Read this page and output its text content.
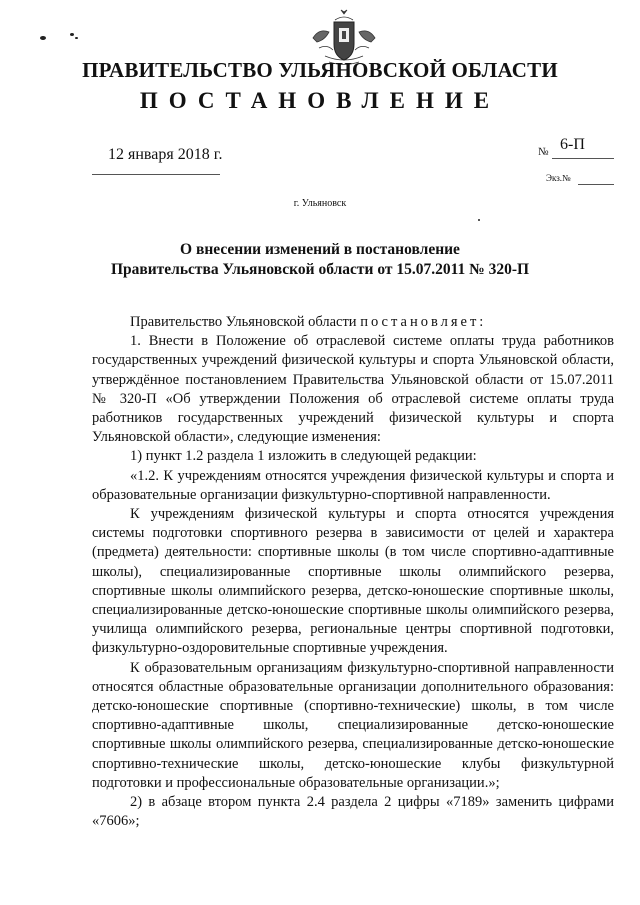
ПРАВИТЕЛЬСТВО УЛЬЯНОВСКОЙ ОБЛАСТИ
ПОСТАНОВЛЕНИЕ
12 января 2018 г.	№ 6-П
Экз.№
г. Ульяновск
О внесении изменений в постановление
Правительства Ульяновской области от 15.07.2011 № 320-П

Правительство Ульяновской области постановляет:

1. Внести в Положение об отраслевой системе оплаты труда работников государственных учреждений физической культуры и спорта Ульяновской области, утверждённое постановлением Правительства Ульяновской области от 15.07.2011 № 320-П «Об утверждении Положения об отраслевой системе оплаты труда работников государственных учреждений физической культуры и спорта Ульяновской области», следующие изменения:

1) пункт 1.2 раздела 1 изложить в следующей редакции:

«1.2. К учреждениям относятся учреждения физической культуры и спорта и образовательные организации физкультурно-спортивной направленности.

К учреждениям физической культуры и спорта относятся учреждения системы подготовки спортивного резерва в зависимости от целей и характера (предмета) деятельности: спортивные школы (в том числе спортивно-адаптивные школы), специализированные спортивные школы олимпийского резерва, спортивные школы олимпийского резерва, детско-юношеские спортивные школы, специализированные детско-юношеские спортивные школы олимпийского резерва, училища олимпийского резерва, региональные центры спортивной подготовки, физкультурно-оздоровительные спортивные учреждения.

К образовательным организациям физкультурно-спортивной направленности относятся областные образовательные организации дополнительного образования: детско-юношеские спортивные (спортивно-технические) школы, в том числе спортивно-адаптивные школы, специализированные детско-юношеские спортивные школы олимпийского резерва, специализированные детско-юношеские спортивно-технические школы, детско-юношеские клубы физкультурной подготовки и профессиональные образовательные организации.»;

2) в абзаце втором пункта 2.4 раздела 2 цифры «7189» заменить цифрами «7606»;
